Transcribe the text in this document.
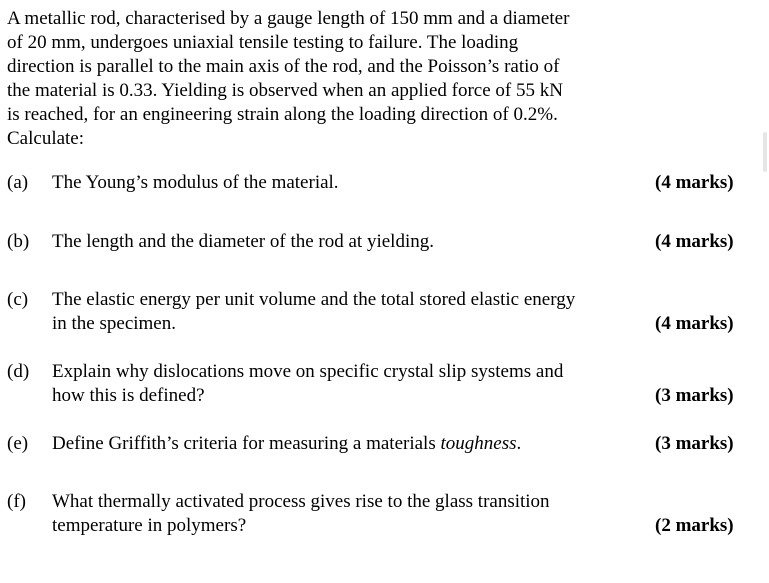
A metallic rod, characterised by a gauge length of 150 mm and a diameter
of 20 mm, undergoes uniaxial tensile testing to failure. The loading
direction is parallel to the main axis of the rod, and the Poisson’s ratio of
the material is 0.33. Yielding is observed when an applied force of 55 kN
is reached, for an engineering strain along the loading direction of 0.2%.
Calculate:
(a) The Young’s modulus of the material.	(4 marks)
(b) The length and the diameter of the rod at yielding.	(4 marks)
(c) The elastic energy per unit volume and the total stored elastic energy
in the specimen.	(4 marks)
(d) Explain why dislocations move on specific crystal slip systems and
how this is defined?	(3 marks)
(e) Define Griffith’s criteria for measuring a materials toughness.	(3 marks)
(f) What thermally activated process gives rise to the glass transition
temperature in polymers?	(2 marks)
